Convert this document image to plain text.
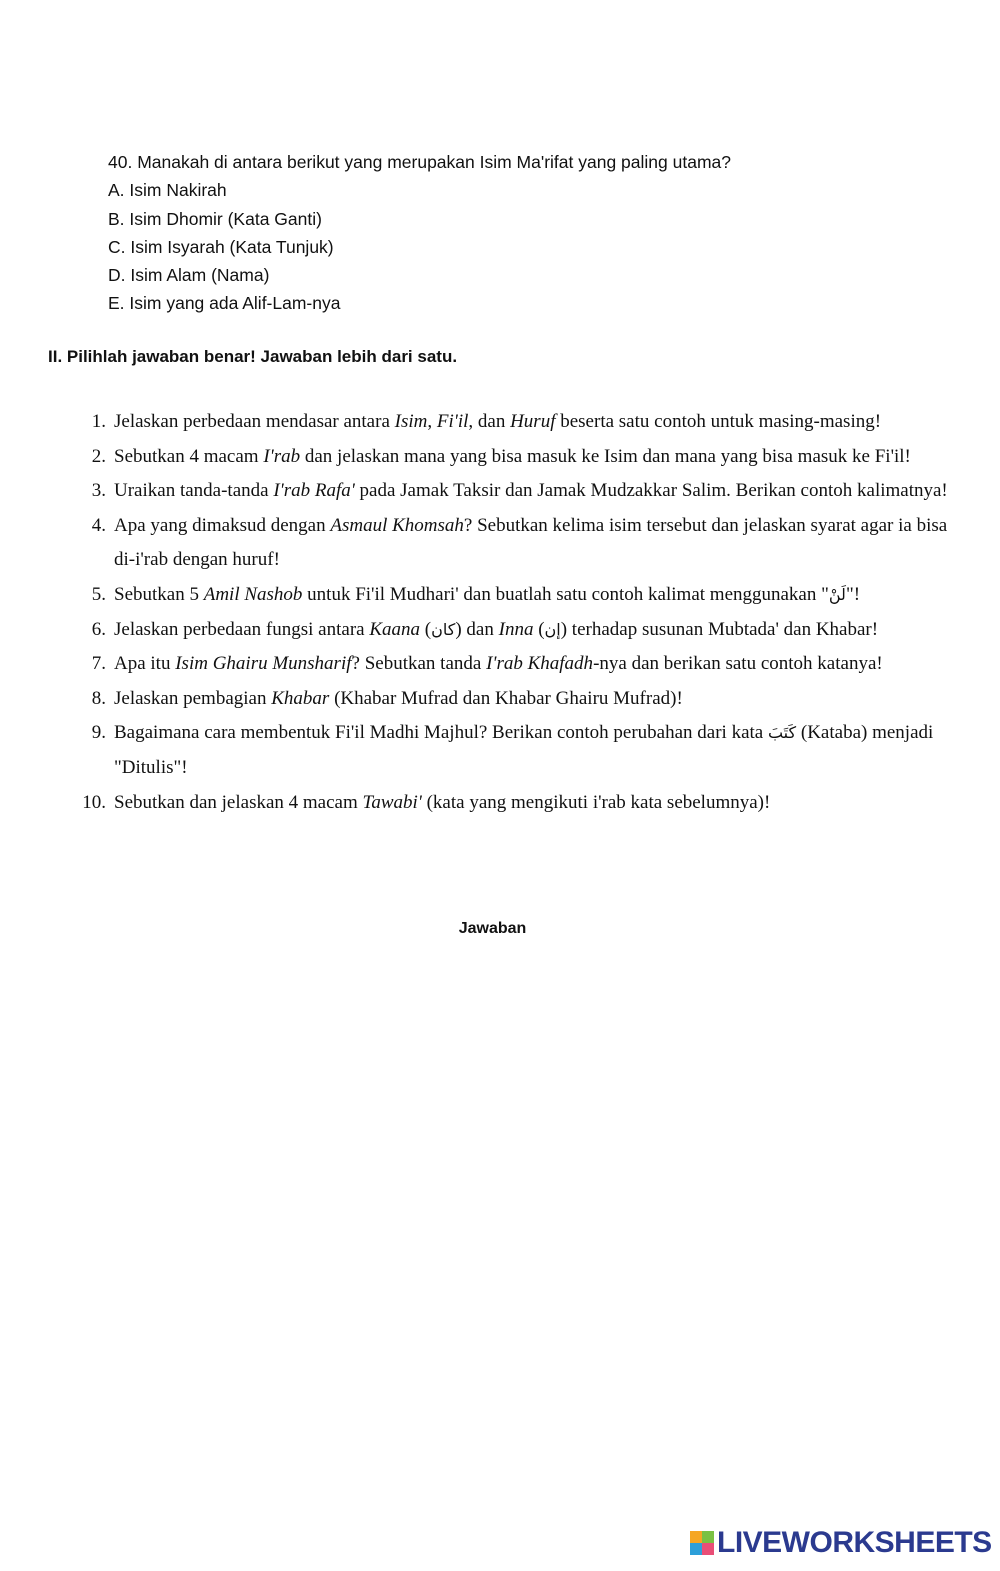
40. Manakah di antara berikut yang merupakan Isim Ma'rifat yang paling utama?
A. Isim Nakirah
B. Isim Dhomir (Kata Ganti)
C. Isim Isyarah (Kata Tunjuk)
D. Isim Alam (Nama)
E. Isim yang ada Alif-Lam-nya
II. Pilihlah jawaban benar! Jawaban lebih dari satu.
1. Jelaskan perbedaan mendasar antara Isim, Fi'il, dan Huruf beserta satu contoh untuk masing-masing!
2. Sebutkan 4 macam I'rab dan jelaskan mana yang bisa masuk ke Isim dan mana yang bisa masuk ke Fi'il!
3. Uraikan tanda-tanda I'rab Rafa' pada Jamak Taksir dan Jamak Mudzakkar Salim. Berikan contoh kalimatnya!
4. Apa yang dimaksud dengan Asmaul Khomsah? Sebutkan kelima isim tersebut dan jelaskan syarat agar ia bisa di-i'rab dengan huruf!
5. Sebutkan 5 Amil Nashob untuk Fi'il Mudhari' dan buatlah satu contoh kalimat menggunakan "لَنْ"!
6. Jelaskan perbedaan fungsi antara Kaana (كان) dan Inna (إن) terhadap susunan Mubtada' dan Khabar!
7. Apa itu Isim Ghairu Munsharif? Sebutkan tanda I'rab Khafadh-nya dan berikan satu contoh katanya!
8. Jelaskan pembagian Khabar (Khabar Mufrad dan Khabar Ghairu Mufrad)!
9. Bagaimana cara membentuk Fi'il Madhi Majhul? Berikan contoh perubahan dari kata كَتَبَ (Kataba) menjadi "Ditulis"!
10. Sebutkan dan jelaskan 4 macam Tawabi' (kata yang mengikuti i'rab kata sebelumnya)!
Jawaban
LIVEWORKSHEETS
